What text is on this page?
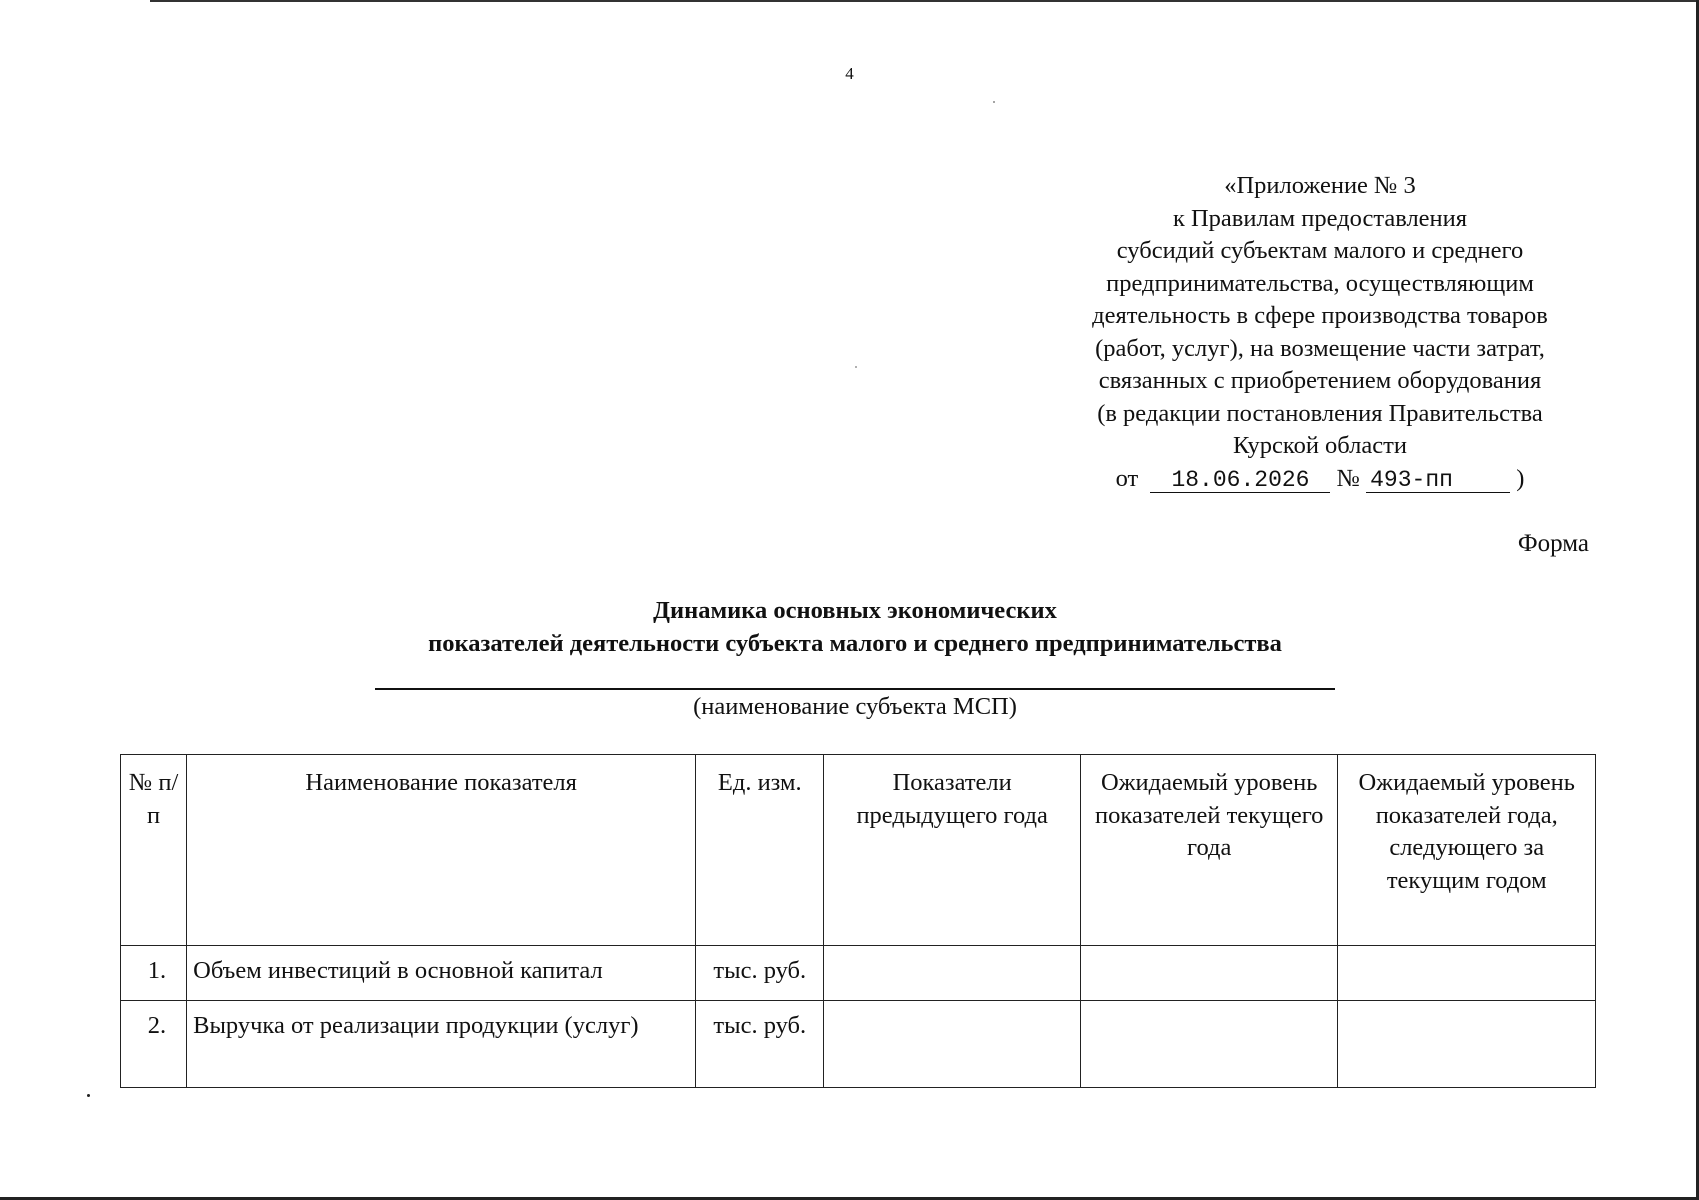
4
«Приложение № 3
к Правилам предоставления
субсидий субъектам малого и среднего
предпринимательства, осуществляющим
деятельность в сфере производства товаров
(работ, услуг), на возмещение части затрат,
связанных с приобретением оборудования
(в редакции постановления Правительства
Курской области
от 18.06.2026 № 493-пп	)
Форма
Динамика основных экономических
показателей деятельности субъекта малого и среднего предпринимательства
(наименование субъекта МСП)
№ п/п	Наименование показателя	Ед. изм.	Показатели предыдущего года	Ожидаемый уровень показателей текущего года	Ожидаемый уровень показателей года, следующего за текущим годом
1.	Объем инвестиций в основной капитал	тыс. руб.			
2.	Выручка от реализации продукции (услуг)	тыс. руб.			
